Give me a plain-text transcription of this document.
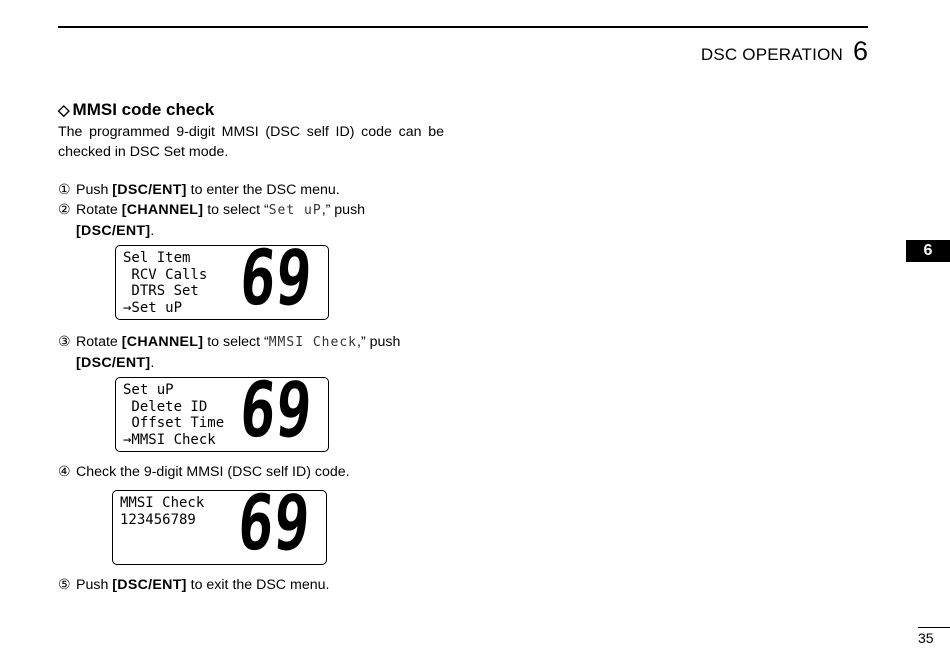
DSC OPERATION 6
6
◇ MMSI code check

The programmed 9-digit MMSI (DSC self ID) code can be checked in DSC Set mode.

① Push [DSC/ENT] to enter the DSC menu.

② Rotate [CHANNEL] to select “Set uP,” push
[DSC/ENT].

Sel Item
RCV Calls
DTRS Set
→Set uP 69

③ Rotate [CHANNEL] to select “MMSI Check,” push
[DSC/ENT].

Set uP
Delete ID
Offset Time
→MMSI Check 69

④ Check the 9-digit MMSI (DSC self ID) code.

MMSI Check
123456789 69

⑤ Push [DSC/ENT] to exit the DSC menu.

35
